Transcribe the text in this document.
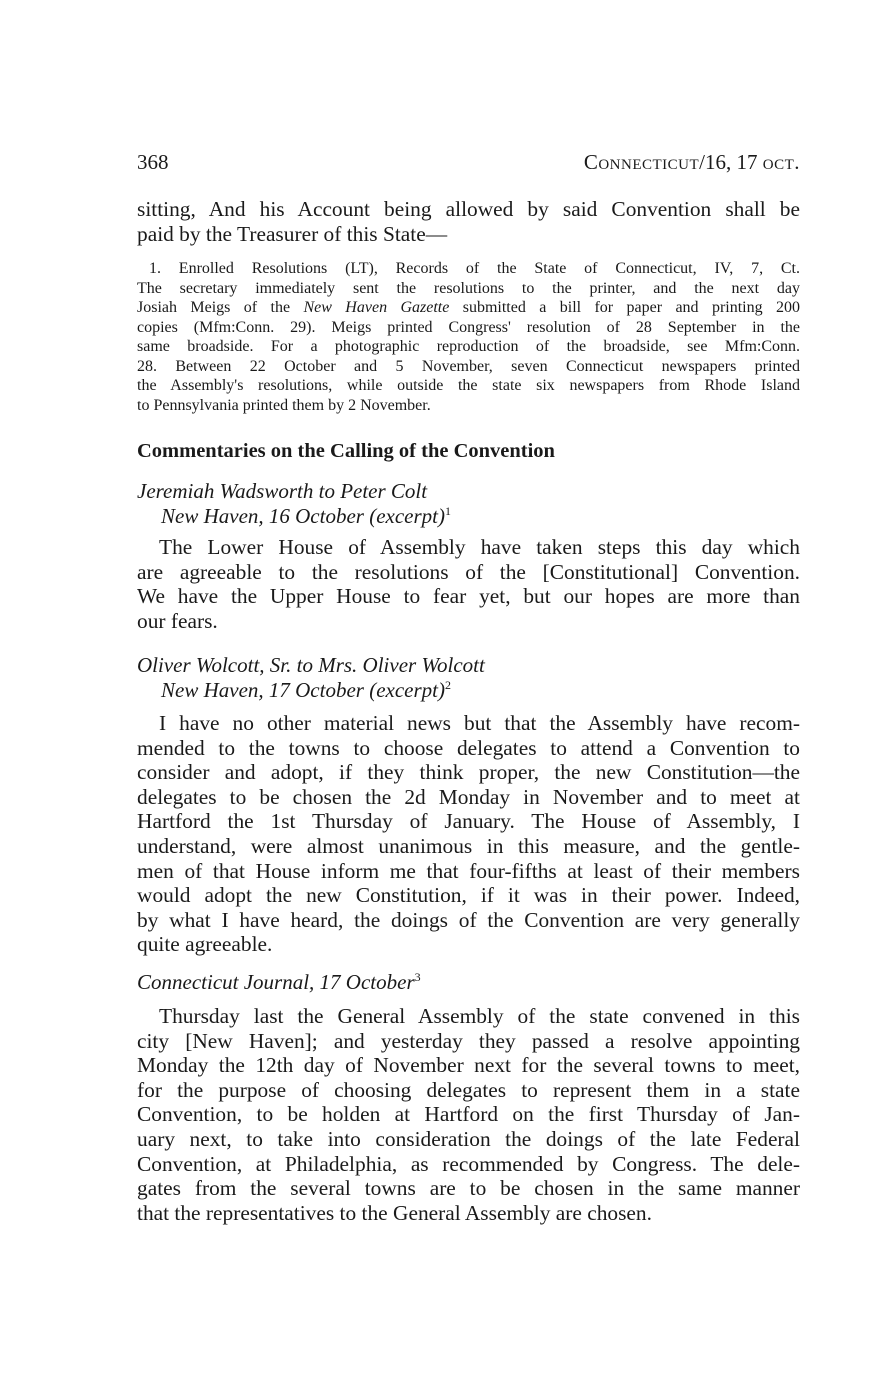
368	Connecticut/16, 17 oct.
sitting, And his Account being allowed by said Convention shall be
paid by the Treasurer of this State—
1. Enrolled Resolutions (LT), Records of the State of Connecticut, IV, 7, Ct.
The secretary immediately sent the resolutions to the printer, and the next day
Josiah Meigs of the New Haven Gazette submitted a bill for paper and printing 200
copies (Mfm:Conn. 29). Meigs printed Congress' resolution of 28 September in the
same broadside. For a photographic reproduction of the broadside, see Mfm:Conn.
28. Between 22 October and 5 November, seven Connecticut newspapers printed
the Assembly's resolutions, while outside the state six newspapers from Rhode Island
to Pennsylvania printed them by 2 November.
Commentaries on the Calling of the Convention
Jeremiah Wadsworth to Peter Colt
New Haven, 16 October (excerpt)$^1$
The Lower House of Assembly have taken steps this day which
are agreeable to the resolutions of the [Constitutional] Convention.
We have the Upper House to fear yet, but our hopes are more than
our fears.
Oliver Wolcott, Sr. to Mrs. Oliver Wolcott
New Haven, 17 October (excerpt)$^2$
I have no other material news but that the Assembly have recom-
mended to the towns to choose delegates to attend a Convention to
consider and adopt, if they think proper, the new Constitution—the
delegates to be chosen the 2d Monday in November and to meet at
Hartford the 1st Thursday of January. The House of Assembly, I
understand, were almost unanimous in this measure, and the gentle-
men of that House inform me that four-fifths at least of their members
would adopt the new Constitution, if it was in their power. Indeed,
by what I have heard, the doings of the Convention are very generally
quite agreeable.
Connecticut Journal, 17 October$^3$
Thursday last the General Assembly of the state convened in this
city [New Haven]; and yesterday they passed a resolve appointing
Monday the 12th day of November next for the several towns to meet,
for the purpose of choosing delegates to represent them in a state
Convention, to be holden at Hartford on the first Thursday of Jan-
uary next, to take into consideration the doings of the late Federal
Convention, at Philadelphia, as recommended by Congress. The dele-
gates from the several towns are to be chosen in the same manner
that the representatives to the General Assembly are chosen.
